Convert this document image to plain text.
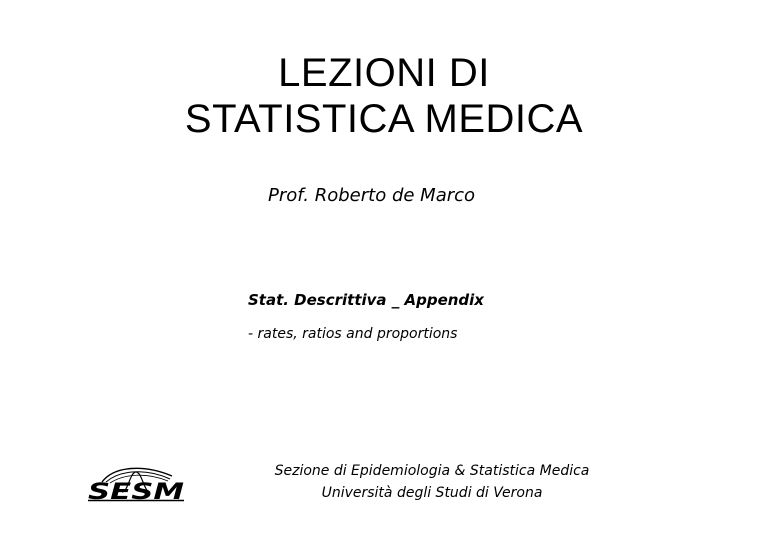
LEZIONI DI
STATISTICA MEDICA
Prof. Roberto de Marco
Stat. Descrittiva _ Appendix
- rates, ratios and proportions
SESM
Sezione di Epidemiologia & Statistica Medica
Università degli Studi di Verona
